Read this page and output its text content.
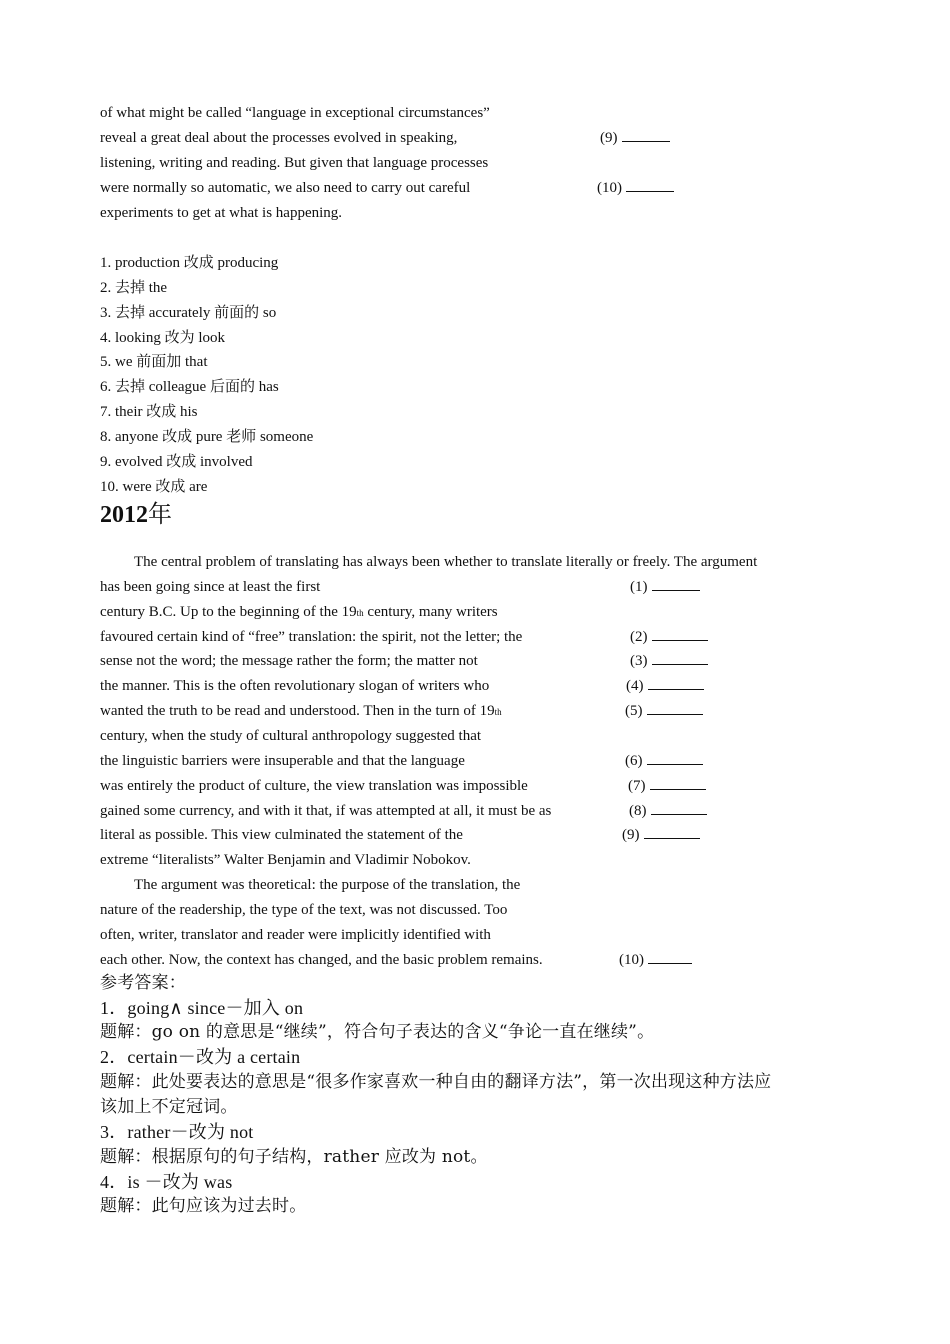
of what might be called “language in exceptional circumstances”
reveal a great deal about the processes evolved in speaking,	(9)
listening, writing and reading. But given that language processes
were normally so automatic, we also need to carry out careful	(10)
experiments to get at what is happening.
1. production 改成 producing
2. 去掉 the
3. 去掉 accurately 前面的 so
4. looking 改为 look
5. we 前面加 that
6. 去掉 colleague 后面的 has
7. their 改成 his
8. anyone 改成 pure 老师 someone
9. evolved 改成 involved
10. were 改成 are
2012年
The central problem of translating has always been whether to translate literally or freely. The argument
has been going since at least the first	(1)
century B.C. Up to the beginning of the 19th century, many writers
favoured certain kind of “free” translation: the spirit, not the letter; the	(2)
sense not the word; the message rather the form; the matter not	(3)
the manner. This is the often revolutionary slogan of writers who	(4)
wanted the truth to be read and understood. Then in the turn of 19th	(5)
century, when the study of cultural anthropology suggested that
the linguistic barriers were insuperable and that the language	(6)
was entirely the product of culture, the view translation was impossible	(7)
gained some currency, and with it that, if was attempted at all, it must be as	(8)
literal as possible. This view culminated the statement of the	(9)
extreme “literalists” Walter Benjamin and Vladimir Nobokov.
The argument was theoretical: the purpose of the translation, the
nature of the readership, the type of the text, was not discussed. Too
often, writer, translator and reader were implicitly identified with
each other. Now, the context has changed, and the basic problem remains.	(10)
参考答案：
1．going∧ since－加入 on
题解：go on 的意思是“继续”，符合句子表达的含义“争论一直在继续”。
2．certain－改为 a certain
题解：此处要表达的意思是“很多作家喜欢一种自由的翻译方法”，第一次出现这种方法应
该加上不定冠词。
3．rather－改为 not
题解：根据原句的句子结构，rather 应改为 not。
4．is －改为 was
题解：此句应该为过去时。
